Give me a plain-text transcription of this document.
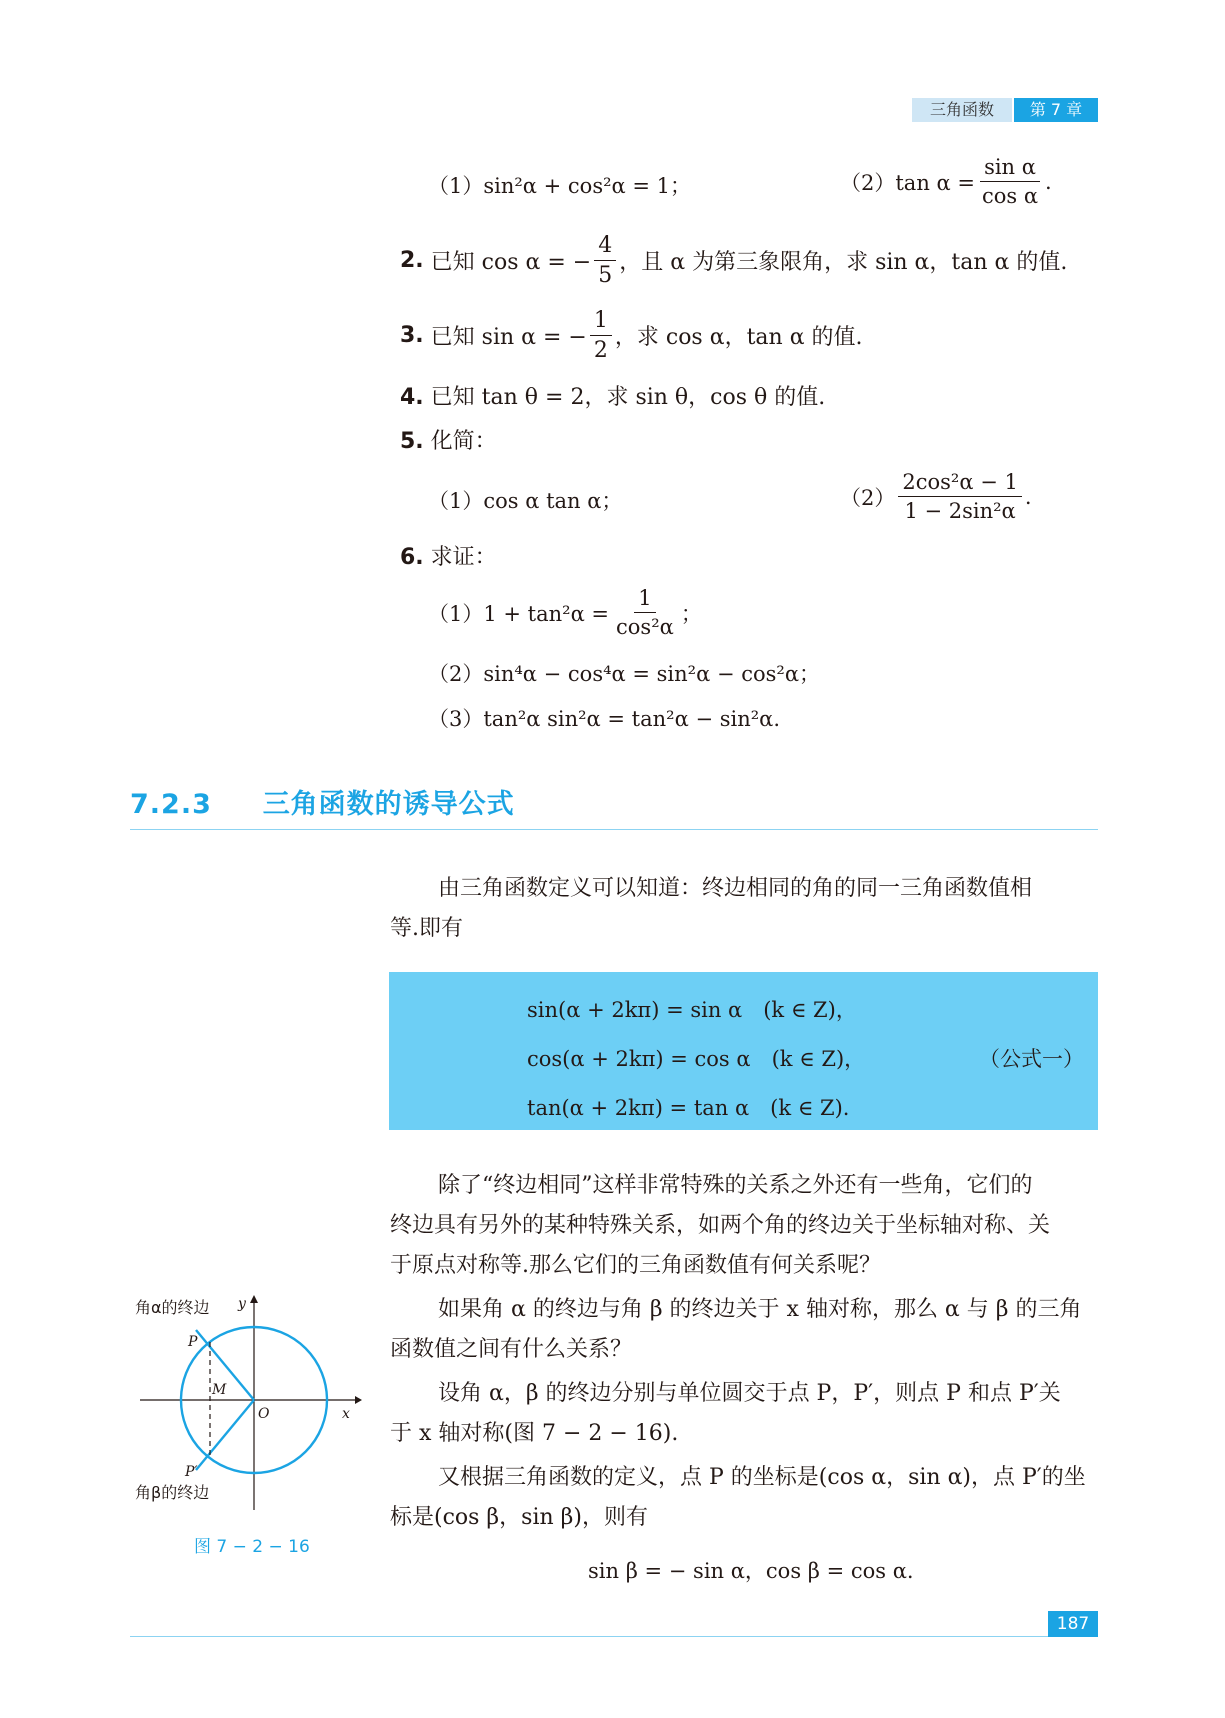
三角函数	第 7 章
（1）sin²α + cos²α = 1；	（2）tan $\alpha = \frac{\text{sin α}}{\text{cos α}}$ .
2.
已知 cos α = − $\frac{4}{5}$ ，且 α 为第三象限角，求 sin α，tan α 的值.
3.
已知 sin α = − $\frac{1}{2}$ ，求 cos α，tan α 的值.
4. 已知 tan θ = 2，求 sin θ，cos θ 的值.
5. 化简：
（1）cos α tan α；	$(2) \frac{\text{2cos²α − 1}}{\text{1 − 2sin²α}}$ .
6. 求证：
$(1)1 + \tan^2\alpha = \frac{1}{\text{cos²α}}$ ；
（2）sin⁴α − cos⁴α = sin²α − cos²α；
（3）tan²α sin²α = tan²α − sin²α.
7.2.3 三角函数的诱导公式
由三角函数定义可以知道：终边相同的角的同一三角函数值相
等.即有
sin(α + 2kπ) = sin α　(k ∈ Z)，
cos(α + 2kπ) = cos α　(k ∈ Z)，
tan(α + 2kπ) = tan α　(k ∈ Z).
（公式一）
除了“终边相同”这样非常特殊的关系之外还有一些角，它们的
终边具有另外的某种特殊关系，如两个角的终边关于坐标轴对称、关
于原点对称等.那么它们的三角函数值有何关系呢？
如果角 α 的终边与角 β 的终边关于 x 轴对称，那么 α 与 β 的三角
函数值之间有什么关系？
设角 α，β 的终边分别与单位圆交于点 P，P′，则点 P 和点 P′关
于 x 轴对称(图 7 − 2 − 16).
又根据三角函数的定义，点 P 的坐标是(cos α，sin α)，点 P′的坐
标是(cos β，sin β)，则有
sin β = − sin α，cos β = cos α.
角α的终边 y
x
O
P
M
P′
角β的终边
图 7 − 2 − 16
187
